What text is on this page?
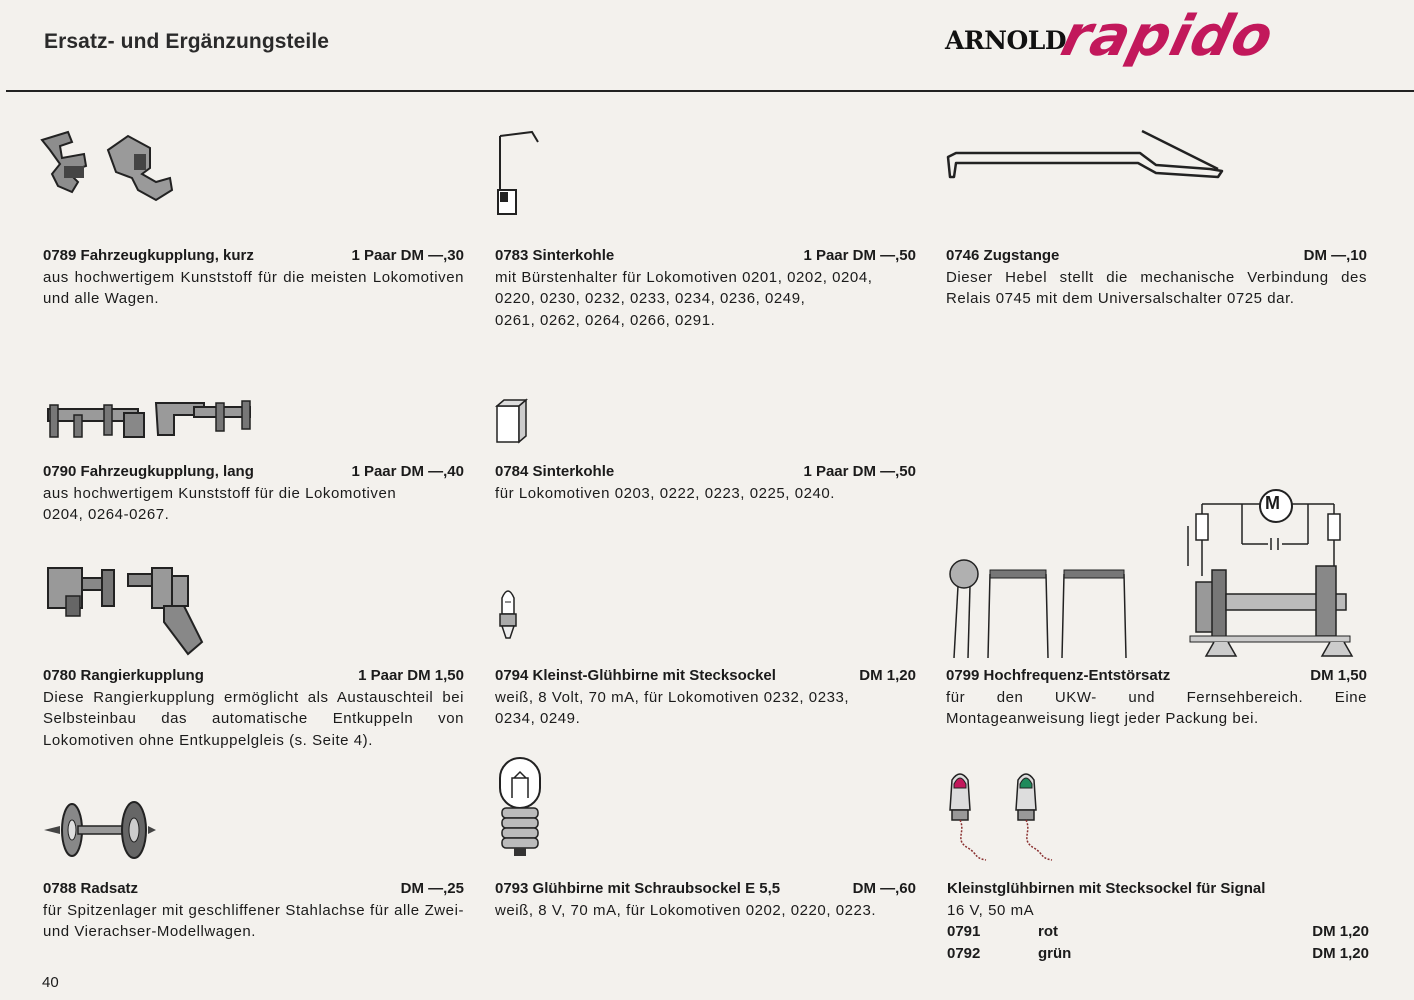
Ersatz- und Ergänzungsteile	ARNOLD
rapido
M
0789 Fahrzeugkupplung, kurz	1 Paar DM —,30
aus hochwertigem Kunststoff für die meisten Lokomotiven und alle Wagen.
0783 Sinterkohle	1 Paar DM —,50
mit Bürstenhalter für Lokomotiven 0201, 0202, 0204,
0220, 0230, 0232, 0233, 0234, 0236, 0249,
0261, 0262, 0264, 0266, 0291.
0746 Zugstange	DM —,10
Dieser Hebel stellt die mechanische Verbindung des Relais 0745 mit dem Universalschalter 0725 dar.
0790 Fahrzeugkupplung, lang	1 Paar DM —,40
aus hochwertigem Kunststoff für die Lokomotiven
0204, 0264-0267.
0784 Sinterkohle	1 Paar DM —,50
für Lokomotiven 0203, 0222, 0223, 0225, 0240.
0780 Rangierkupplung	1 Paar DM 1,50
Diese Rangierkupplung ermöglicht als Austauschteil bei Selbsteinbau das automatische Entkuppeln von Lokomotiven ohne Entkuppelgleis (s. Seite 4).
0794 Kleinst-Glühbirne mit Stecksockel	DM 1,20
weiß, 8 Volt, 70 mA, für Lokomotiven 0232, 0233,
0234, 0249.
0799 Hochfrequenz-Entstörsatz	DM 1,50
für den UKW- und Fernsehbereich. Eine Montageanweisung liegt jeder Packung bei.
0788 Radsatz	DM —,25
für Spitzenlager mit geschliffener Stahlachse für alle Zwei- und Vierachser-Modellwagen.
0793 Glühbirne mit Schraubsockel E 5,5	DM —,60
weiß, 8 V, 70 mA, für Lokomotiven 0202, 0220, 0223.
Kleinstglühbirnen mit Stecksockel für Signal
16 V, 50 mA
0791	rot	DM 1,20
0792	grün	DM 1,20
40
